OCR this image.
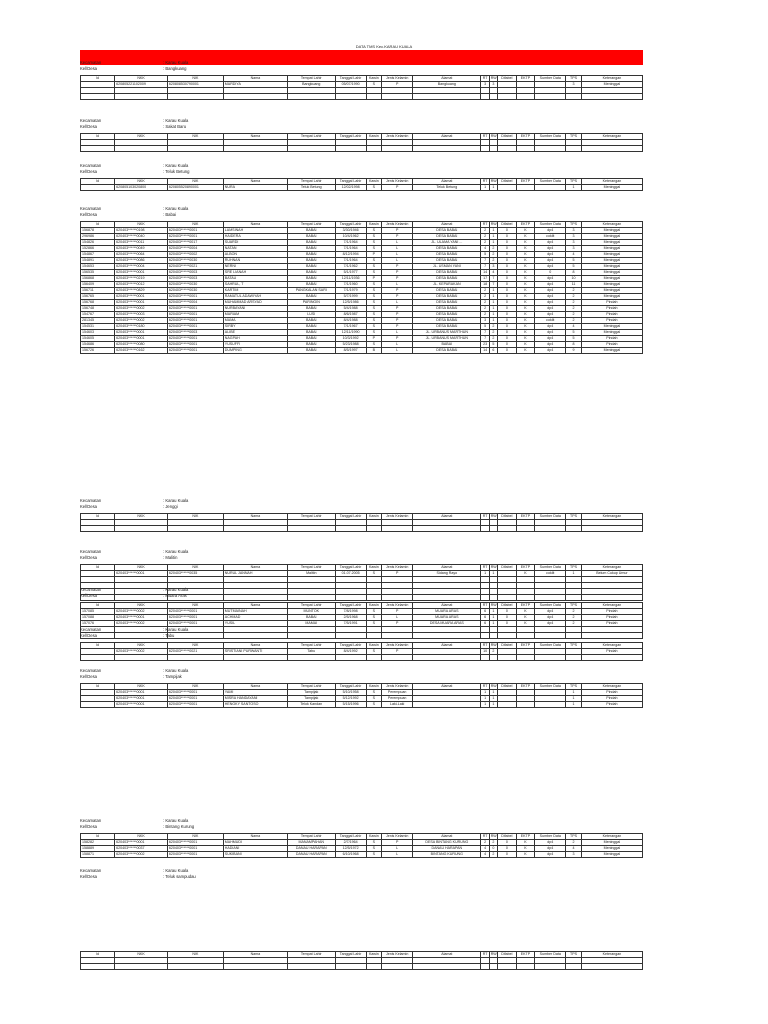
DATA TMS Kec.KARAU KUALA
Kecamatan	: Karau Kuala
Kel/Desa	: Bangkuang
Id	NKK	NIK	Nama	Tempat Lahir	Tanggal Lahir	Kawin	Jenis Kelamin	Alamat	RT	RW	Difabel	EKTP	Sumber Data	TPS	Keterangan
	620805221102009	620808530790001	MARDIYA	Bangkuang	05/07/1990	S	P	Bangkuang	3	3				3	Meninggal

Kecamatan	: Karau Kuala
Kel/Desa	: Sakat Baru
Id	NKK	NIK	Nama	Tempat Lahir	Tanggal Lahir	Kawin	Jenis Kelamin	Alamat	RT	RW	Difabel	EKTP	Sumber Data	TPS	Keterangan

Kecamatan	: Karau Kuala
Kel/Desa	: Teluk Betung
Id	NKK	NIK	Nama	Tempat Lahir	Tanggal Lahir	Kawin	Jenis Kelamin	Alamat	RT	RW	Difabel	EKTP	Sumber Data	TPS	Keterangan
	620805103020800	620805520890001	NURA	Teluk Betung	12/02/1998	S	P	Teluk Betung	1	1				1	Meninggal
Kecamatan	: Karau Kuala
Kel/Desa	: Babai
Id	NKK	NIK	Nama	Tempat Lahir	Tanggal Lahir	Kawin	Jenis Kelamin	Alamat	RT	RW	Difabel	EKTP	Sumber Data	TPS	Keterangan
156878	620403******0198	620403******0001	LAMSINAH	BABAI	3/30/1946	S	P	DESA BABAI	2	1	0	K	dp4	3	Meninggal
296986	620403******0040	620403******0001	HAIDERA	BABAI	10/4/1962	S	P	DESA BABAI	2	1	0	K	coklit	3	Meninggal
154826	620403******0011	620403******0017	SUARDI	BABAI	7/1/1964	S	L	JL. ULAMA YANI ...	2	1	0	K	dp4	3	Meninggal
152866	620403******0049	620403******0004	NATAN	BABAI	7/1/1964	S	L	DESA BABAI	4	2	0	K	dp4	3	Meninggal
154867	620403******0064	620403******0002	ALBON	BABAI	8/12/1994	P	L	DESA BABAI	5	2	0	K	dp4	4	Meninggal
154891	620403******0086	620403******0030	RUHNAN	BABAI	7/1/1964	S	L	DESA BABAI	7	2	0	K	dp4	5	Meninggal
154653	620403******0004	620403******0021	NERNI	BABAI	7/1/1962	S	P	JL. USMAN YANI	7	3	0	K	dp4	5	Meninggal
156535	620403******0001	620403******0003	SRE LIANAH	BABAI	5/1/1977	S	P	DESA BABAI	14	4	0	K	0	8	Meninggal
156868	620403******0219	620403******0003	BATAU	BABAI	12/11/1936	P	P	DESA BABAI	17	7	0	K	dp4	10	Meninggal
156409	620403******0012	620403******0030	SAHRUL, T	BABAI	7/1/1960	S	L	JL. KEPARAKAN	18	7	0	K	dp4	11	Meninggal
156711	620403******0829	620403******0030	KARTIM	PANGKALAN SARI	7/1/1979	S	P	DESA BABAI	2	1	0	K	dp4	2	Meninggal
156765	620403******0001	620403******0001	RAMATUL ADAWIYAH	BABAI	5/7/1999	S	P	DESA BABAI	2	1	0	K	dp4	2	Meninggal
156768	620403******0001	620403******0004	MUHAMMAD ARSYAD	PARINGIN	12/5/1986	S	L	DESA BABAI	2	1	0	K	dp4	2	Pindah
156748	620403******0002	620403******0001	NURBAYANI	BABAI	5/4/1988	S	P	DESA BABAI	2	1	0	K	dp4	2	Pindah
154767	620403******0003	620403******0001	MARIAM	LUSI	8/6/1987	S	P	DESA BABAI	2	1	0	K	dp4	2	Pindah
281345	620403******0002	620403******0001	MAMA	BABAI	8/4/1988	S	P	DESA BABAI	3	1	0	K	coklit	2	Pindah
154531	620403******0180	620403******0001	SIRBY	BABAI	7/1/1967	S	P	DESA BABAI	5	2	0	K	dp4	4	Meninggal
154603	620403******0001	620403******0003	ALIBE	BABAI	12/11/1990	S	L	JL. URBANUS MARTHUN	7	2	0	K	dp4	5	Meninggal
154605	620403******0001	620403******0001	NAGPAH	BABAI	10/3/1992	P	P	JL. URBANUS MARTHUN	7	2	0	K	dp4	5	Pindah
154686	620403******0080	620403******0001	YUSUFFI	BABAI	5/23/1988	S	L	BABAI	23	5	0	K	dp4	8	Pindah
156726	620403******0162	620403******0001	DUMPING	BABAI	8/5/1997	B	L	DESA BABAI	14	6	0	K	dp4	9	Meninggal
Kecamatan	: Karau Kuala
Kel/Desa	: Jenggi
Id	NKK	NIK	Nama	Tempat Lahir	Tanggal Lahir	Kawin	Jenis Kelamin	Alamat	RT	RW	Difabel	EKTP	Sumber Data	TPS	Keterangan

Kecamatan	: Karau Kuala
Kel/Desa	: Malitin
Id	NKK	NIK	Nama	Tempat Lahir	Tanggal Lahir	Kawin	Jenis Kelamin	Alamat	RT	RW	Difabel	EKTP	Sumber Data	TPS	Keterangan
	620403******0001	620403******0035	NURUL JANNAH	Malitin	01.07.2005	S	P	Sidang Rayo	1	1		K	coklit	1	Belum Cukup Umur

Kecamatan	: Karau Kuala
Kel/Desa	: Muara Aras
Id	NKK	NIK	Nama	Tempat Lahir	Tanggal Lahir	Kawin	Jenis Kelamin	Alamat	RT	RW	Difabel	EKTP	Sumber Data	TPS	Keterangan
157085	620403******0002	620403******0001	MUTMAINAH	MUNTOK	7/8/1998	S	P	MUARA ARAS	6	1	0	K	dp4	2	Pindah
157088	620403******0001	620403******0001	ACHMAD	BABAI	2/5/1968	S	L	MUARA ARAS	6	1	0	K	dp4	2	Pindah
157076	620403******0002	620403******0001	YUSIL	MAMAI	7/5/1991	S	P	DESA MUARA ARAS	6	1	0	K	dp4	2	Pindah

Kecamatan	: Karau Kuala
Kel/Desa	: Tabu
Id	NKK	NIK	Nama	Tempat Lahir	Tanggal Lahir	Kawin	Jenis Kelamin	Alamat	RT	RW	Difabel	EKTP	Sumber Data	TPS	Keterangan
	620403******0002	620403******0021	SRISTIANI PURWANTI	Tabu	8/4/1992	S	P		10	2					Pindah

Kecamatan	: Karau Kuala
Kel/Desa	: Tampijak
Id	NKK	NIK	Nama	Tempat Lahir	Tanggal Lahir	Kawin	Jenis Kelamin	Alamat	RT	RW	Difabel	EKTP	Sumber Data	TPS	Keterangan
	620403******0001	620403******0001	YAMI	Tampijak	5/10/1958	S	Perempuan		1	1				1	Pindah
	620403******0001	620403******0001	MISRA HANDAYANI	Tampijak	5/12/1992	S	Perempuan		1	1				1	Pindah
	620403******0001	620403******0001	HENGKY SANTOSO	Telok Kandan	5/15/1996	S	Laki-Laki		1	1				1	Pindah
Kecamatan	: Karau Kuala
Kel/Desa	: Bintang Kurung
Id	NKK	NIK	Nama	Tempat Lahir	Tanggal Lahir	Kawin	Jenis Kelamin	Alamat	RT	RW	Difabel	EKTP	Sumber Data	TPS	Keterangan
158282	620403******0001	620403******0001	MAHMUDI	MANAMPAHAN	2/7/1964	S	P	DESA BINTANG KURUNG	2	2	0	K	dp4	2	Meninggal
158889	620403******0037	620403******0001	HADIANI	DANAU HARAPAN	12/5/1972	S	L	DANAU HARAPAN	4	0	0	K	dp4	4	Meninggal
158871	620403******0002	620403******0001	SUKIBANI	DANAU HARAPAN	6/10/1968	S	L	BINTANG KURUNG	4	2	0	K	dp4	3	Meninggal
Kecamatan	: Karau Kuala
Kel/Desa	: Teluk sampudau
Id	NKK	NIK	Nama	Tempat Lahir	Tanggal Lahir	Kawin	Jenis Kelamin	Alamat	RT	RW	Difabel	EKTP	Sumber Data	TPS	Keterangan
